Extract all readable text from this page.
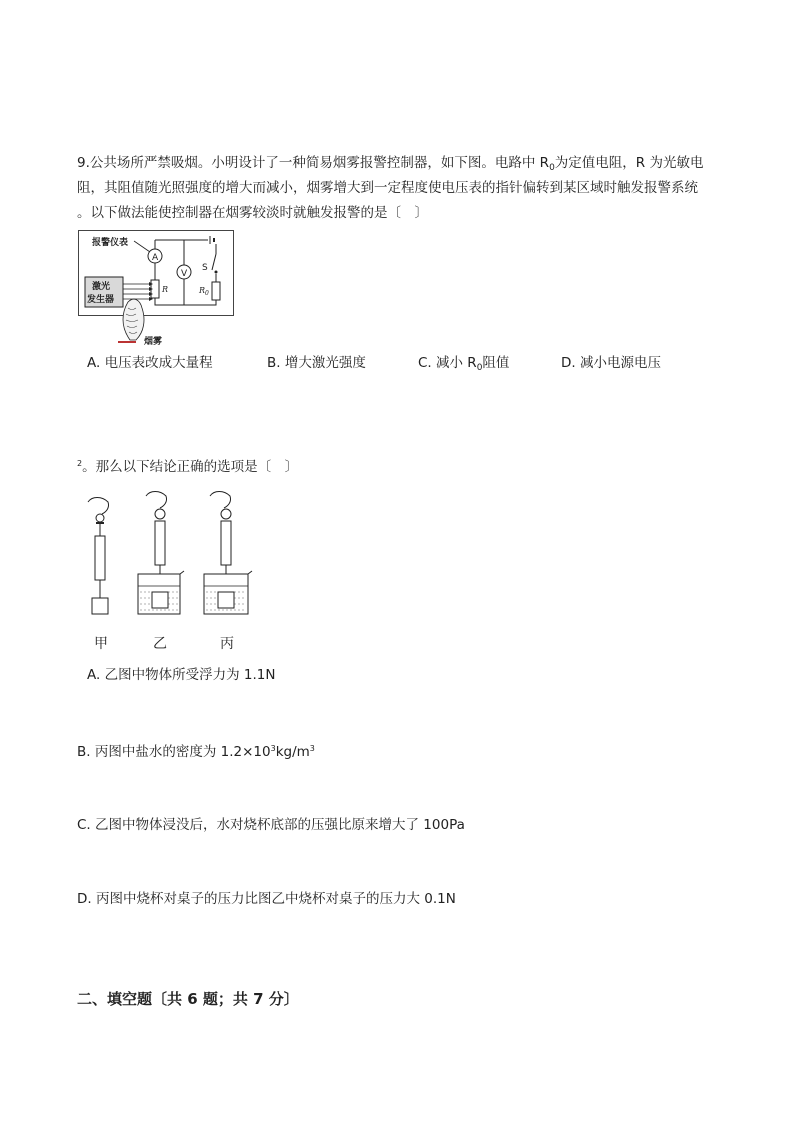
9.公共场所严禁吸烟。小明设计了一种简易烟雾报警控制器，如下图。电路中 $R_0$为定值电阻，R 为光敏电
阻，其阻值随光照强度的增大而减小，烟雾增大到一定程度使电压表的指针偏转到某区域时触发报警系统
。以下做法能使控制器在烟雾较淡时就触发报警的是〔　〕
报警仪表
A
V
S
$R_0$
R
激光
发生器
烟雾
A. 电压表改成大量程	B. 增大激光强度	C. 减小 $R_0$阻值	D. 减小电源电压
$^2$。那么以下结论正确的选项是〔　〕
甲	乙	丙
A. 乙图中物体所受浮力为 1.1N
B. 丙图中盐水的密度为 $1.2\times 10^3kg/m^3$
C. 乙图中物体浸没后，水对烧杯底部的压强比原来增大了 100Pa
D. 丙图中烧杯对桌子的压力比图乙中烧杯对桌子的压力大 0.1N
二、填空题〔共 6 题；共 7 分〕
